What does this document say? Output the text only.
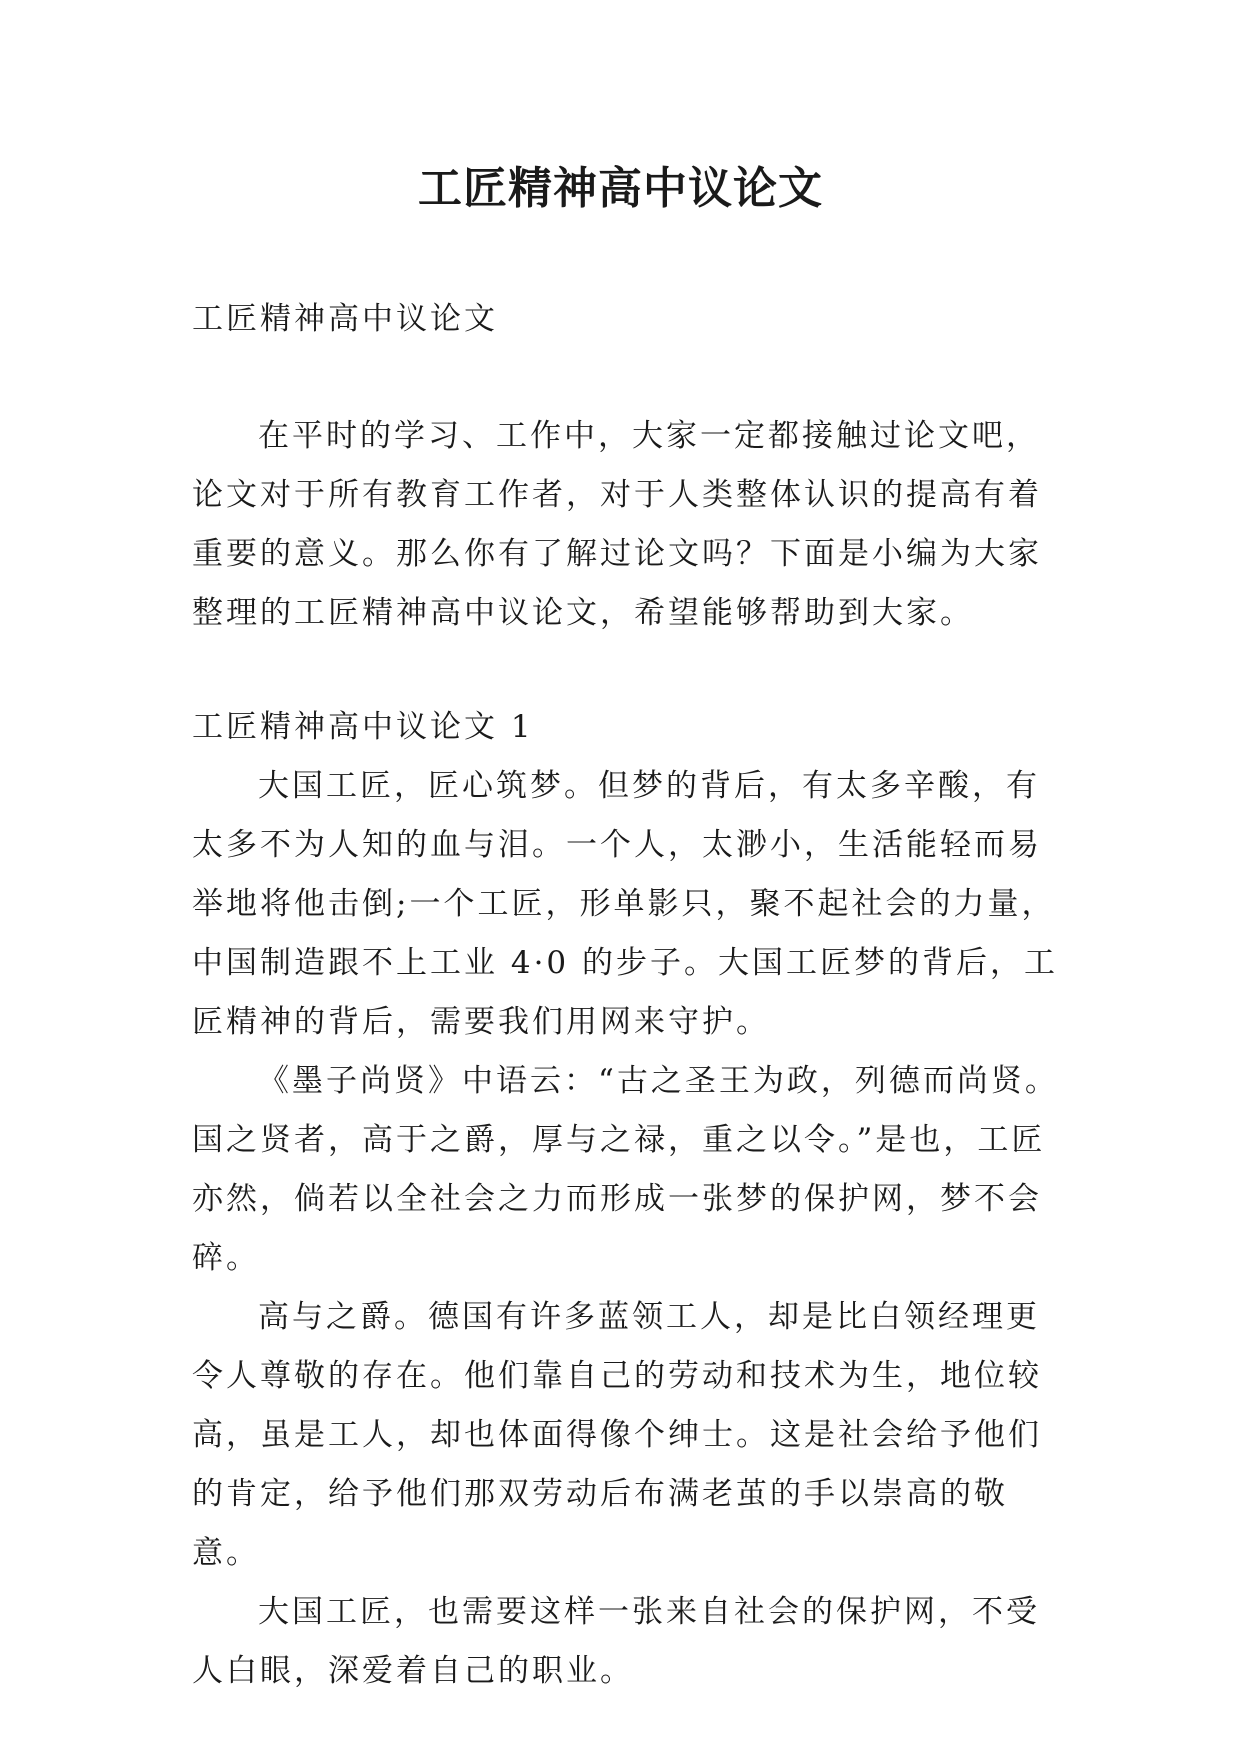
工匠精神高中议论文

工匠精神高中议论文

在平时的学习、工作中，大家一定都接触过论文吧，论文对于所有教育工作者，对于人类整体认识的提高有着重要的意义。那么你有了解过论文吗？下面是小编为大家整理的工匠精神高中议论文，希望能够帮助到大家。

工匠精神高中议论文 1

大国工匠，匠心筑梦。但梦的背后，有太多辛酸，有太多不为人知的血与泪。一个人，太渺小，生活能轻而易举地将他击倒;一个工匠，形单影只，聚不起社会的力量，中国制造跟不上工业 4·0 的步子。大国工匠梦的背后，工匠精神的背后，需要我们用网来守护。

《墨子尚贤》中语云：“古之圣王为政，列德而尚贤。国之贤者，高于之爵，厚与之禄，重之以令。”是也，工匠亦然，倘若以全社会之力而形成一张梦的保护网，梦不会碎。

高与之爵。德国有许多蓝领工人，却是比白领经理更令人尊敬的存在。他们靠自己的劳动和技术为生，地位较高，虽是工人，却也体面得像个绅士。这是社会给予他们的肯定，给予他们那双劳动后布满老茧的手以崇高的敬意。

大国工匠，也需要这样一张来自社会的保护网，不受人白眼，深爱着自己的职业。
